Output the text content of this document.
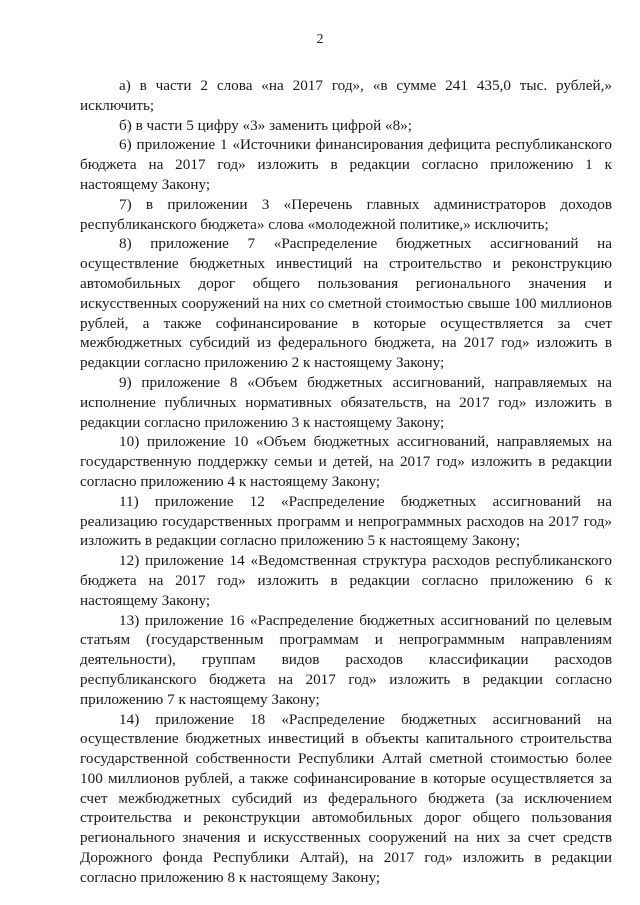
2

а) в части 2 слова «на 2017 год», «в сумме 241 435,0 тыс. рублей,» исключить;

б) в части 5 цифру «3» заменить цифрой «8»;

6) приложение 1 «Источники финансирования дефицита республиканского бюджета на 2017 год» изложить в редакции согласно приложению 1 к настоящему Закону;

7) в приложении 3 «Перечень главных администраторов доходов республиканского бюджета» слова «молодежной политике,» исключить;

8) приложение 7 «Распределение бюджетных ассигнований на осуществление бюджетных инвестиций на строительство и реконструкцию автомобильных дорог общего пользования регионального значения и искусственных сооружений на них со сметной стоимостью свыше 100 миллионов рублей, а также софинансирование в которые осуществляется за счет межбюджетных субсидий из федерального бюджета, на 2017 год» изложить в редакции согласно приложению 2 к настоящему Закону;

9) приложение 8 «Объем бюджетных ассигнований, направляемых на исполнение публичных нормативных обязательств, на 2017 год» изложить в редакции согласно приложению 3 к настоящему Закону;

10) приложение 10 «Объем бюджетных ассигнований, направляемых на государственную поддержку семьи и детей, на 2017 год» изложить в редакции согласно приложению 4 к настоящему Закону;

11) приложение 12 «Распределение бюджетных ассигнований на реализацию государственных программ и непрограммных расходов на 2017 год» изложить в редакции согласно приложению 5 к настоящему Закону;

12) приложение 14 «Ведомственная структура расходов республиканского бюджета на 2017 год» изложить в редакции согласно приложению 6 к настоящему Закону;

13) приложение 16 «Распределение бюджетных ассигнований по целевым статьям (государственным программам и непрограммным направлениям деятельности), группам видов расходов классификации расходов республиканского бюджета на 2017 год» изложить в редакции согласно приложению 7 к настоящему Закону;

14) приложение 18 «Распределение бюджетных ассигнований на осуществление бюджетных инвестиций в объекты капитального строительства государственной собственности Республики Алтай сметной стоимостью более 100 миллионов рублей, а также софинансирование в которые осуществляется за счет межбюджетных субсидий из федерального бюджета (за исключением строительства и реконструкции автомобильных дорог общего пользования регионального значения и искусственных сооружений на них за счет средств Дорожного фонда Республики Алтай), на 2017 год» изложить в редакции согласно приложению 8 к настоящему Закону;
